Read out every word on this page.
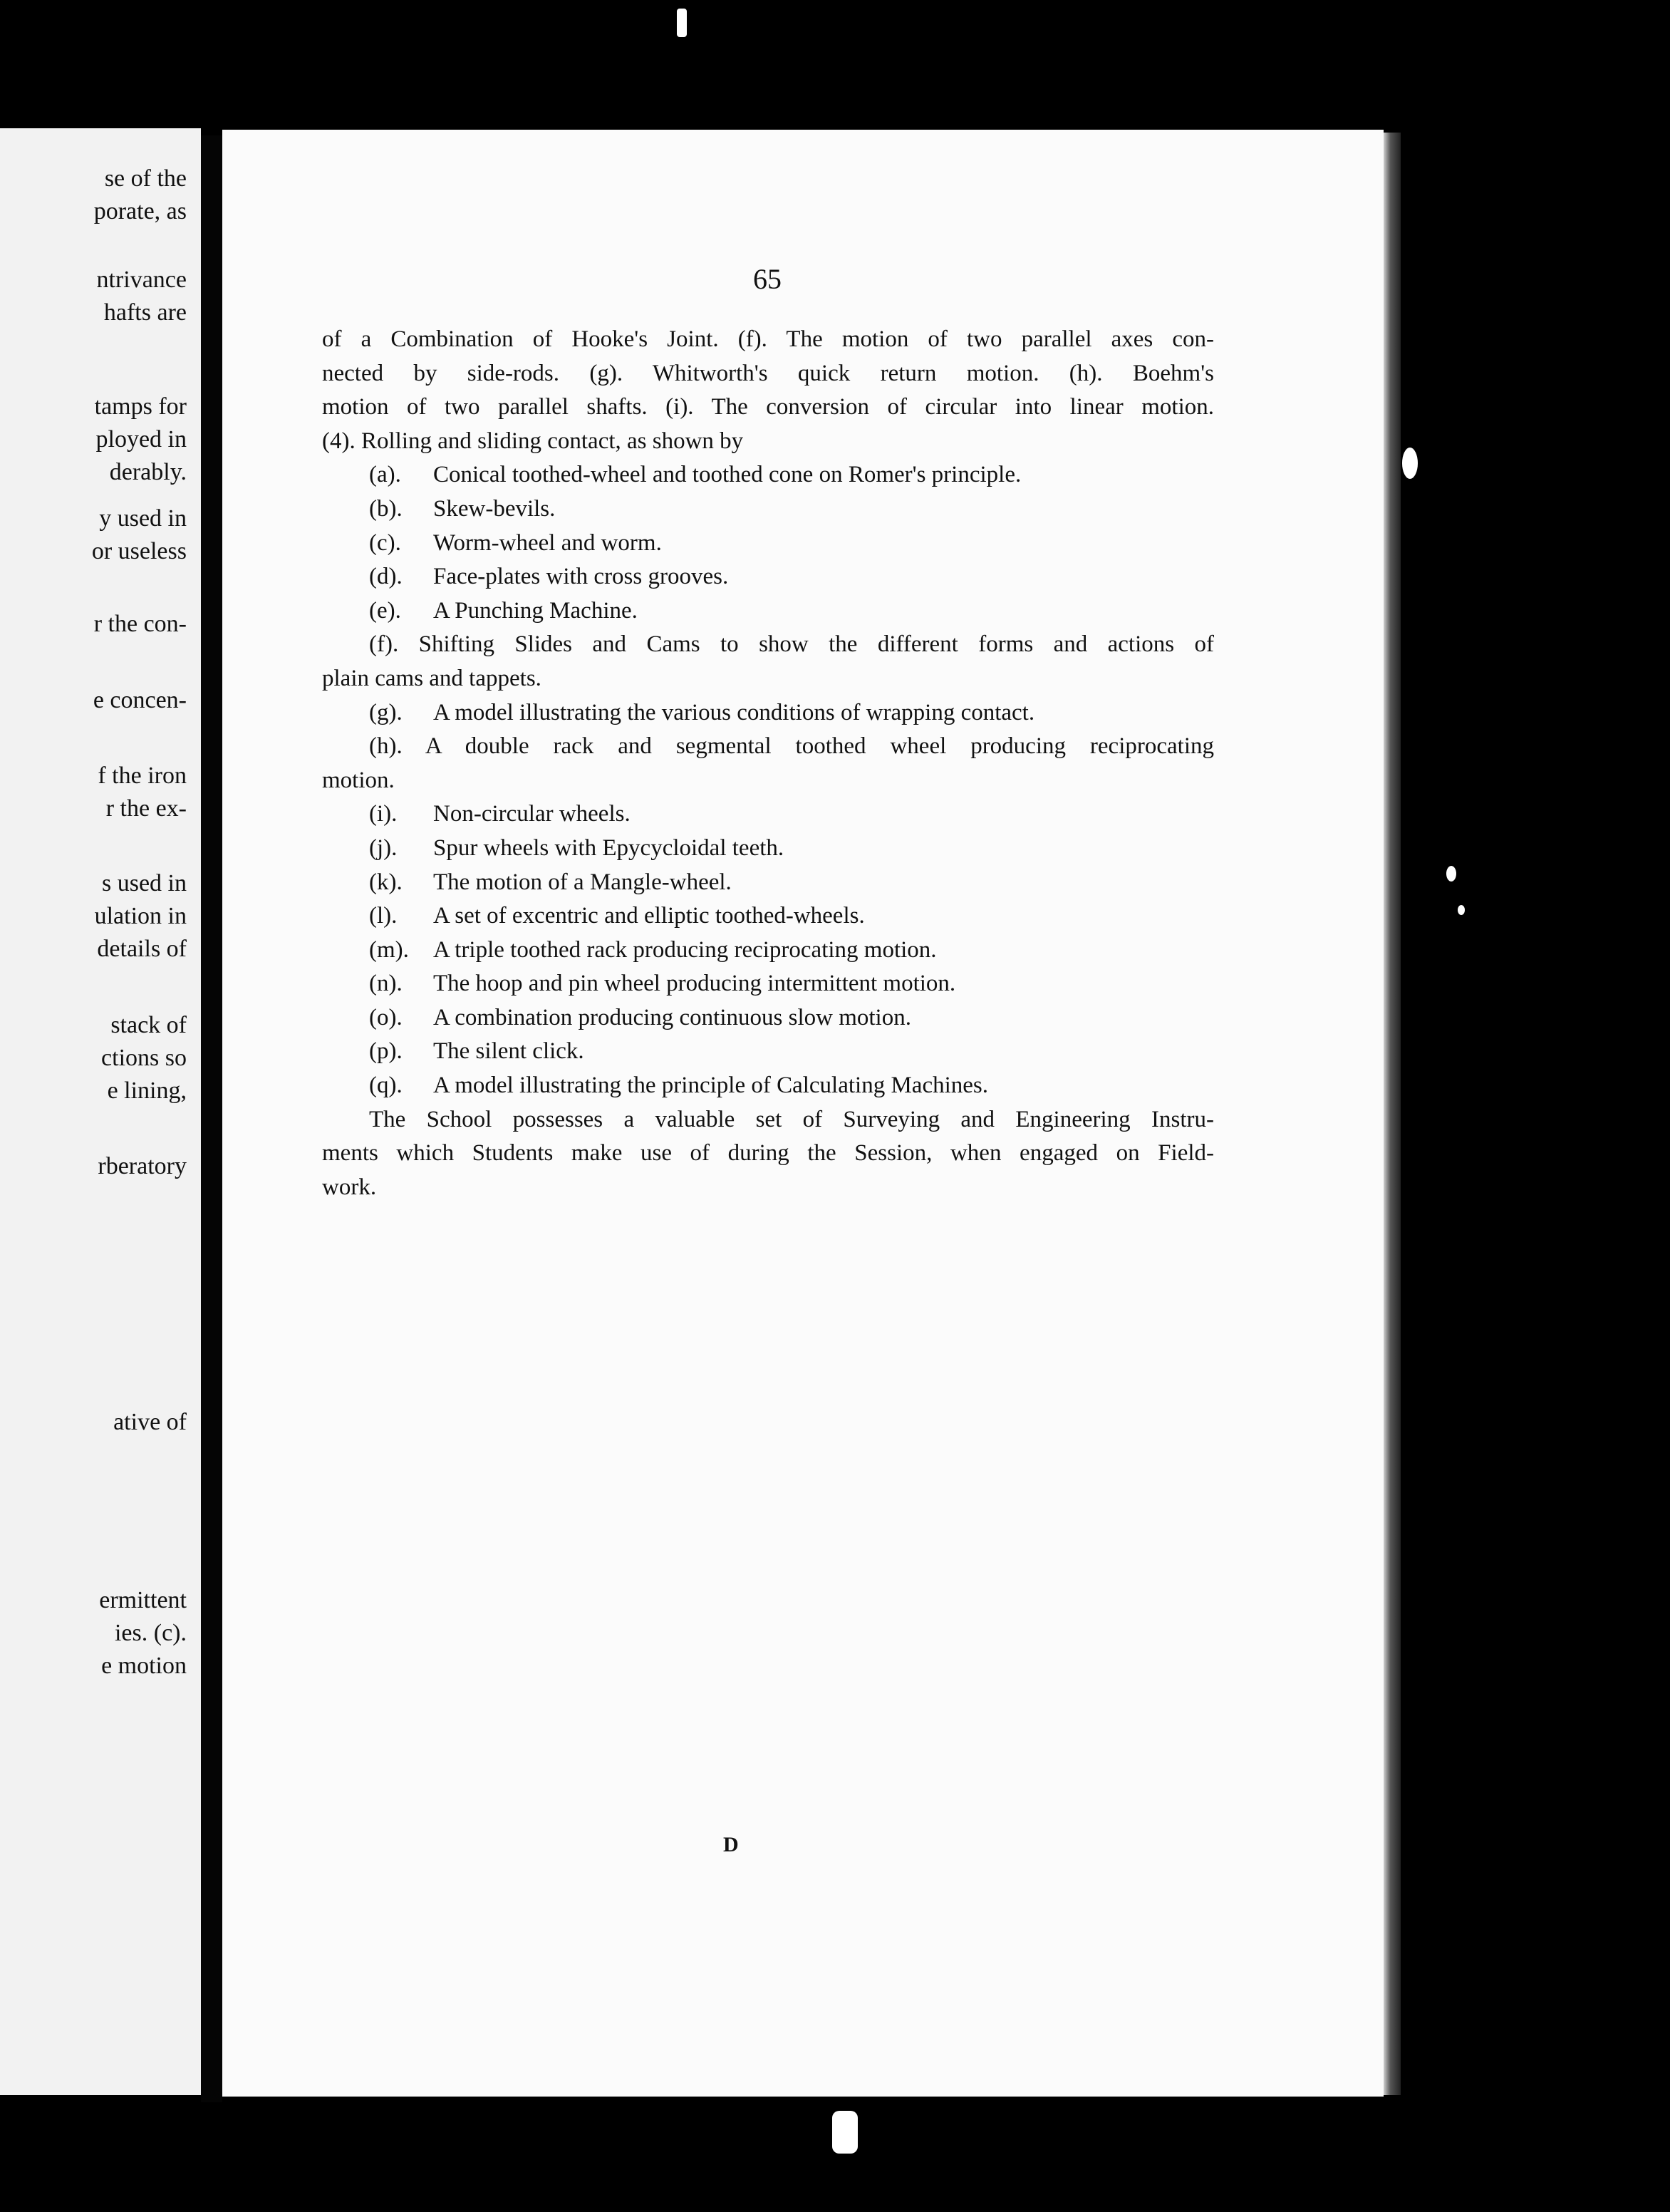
se of the
porate, as
ntrivance
hafts are
tamps for
ployed in
derably.
y used in
or useless
r the con-
e concen-
f the iron
r the ex-
s used in
ulation in
details of
stack of
ctions so
e lining,
rberatory
ative of
ermittent
ies. (c).
e motion
65
of a Combination of Hooke's Joint. (f). The motion of two parallel axes con-
nected by side-rods. (g). Whitworth's quick return motion. (h). Boehm's
motion of two parallel shafts. (i). The conversion of circular into linear motion.
(4). Rolling and sliding contact, as shown by
(a).	Conical toothed-wheel and toothed cone on Romer's principle.
(b).	Skew-bevils.
(c).	Worm-wheel and worm.
(d).	Face-plates with cross grooves.
(e).	A Punching Machine.
(f). Shifting Slides and Cams to show the different forms and actions of
plain cams and tappets.
(g).	A model illustrating the various conditions of wrapping contact.
(h). A double rack and segmental toothed wheel producing reciprocating
motion.
(i).	Non-circular wheels.
(j).	Spur wheels with Epycycloidal teeth.
(k).	The motion of a Mangle-wheel.
(l).	A set of excentric and elliptic toothed-wheels.
(m).	A triple toothed rack producing reciprocating motion.
(n).	The hoop and pin wheel producing intermittent motion.
(o).	A combination producing continuous slow motion.
(p).	The silent click.
(q).	A model illustrating the principle of Calculating Machines.
The School possesses a valuable set of Surveying and Engineering Instru-
ments which Students make use of during the Session, when engaged on Field-
work.
D
